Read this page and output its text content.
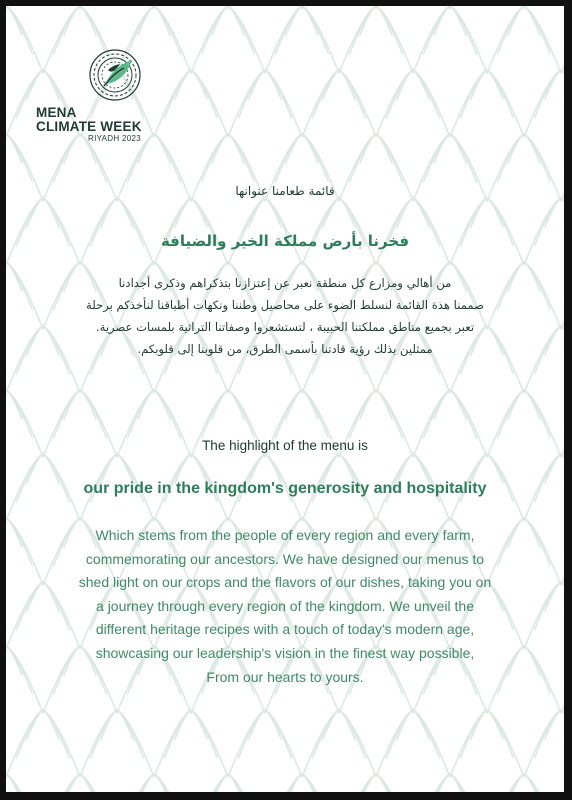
MENA
CLIMATE WEEK
RIYADH 2023
قائمة طعامنا عنوانها
فخرنا بأرض مملكة الخير والضيافة
من أهالي ومزارع كل منطقة نعبر عن إعتزازنا بتذكراهم وذكرى أجدادنا
صممنا هذة القائمة لنسلط الضوء على محاصيل وطننا ونكهات أطباقنا لنأخذكم برحلة
تعبر بجميع مناطق مملكتنا الحبيبة ، لتستشعروا وصفاتنا التراثية بلمسات عصرية.
ممثلين بذلك رؤية قادتنا بأسمى الطرق، من قلوبنا إلى قلوبكم.
The highlight of the menu is
our pride in the kingdom's generosity and hospitality
Which stems from the people of every region and every farm,
commemorating our ancestors. We have designed our menus to
shed light on our crops and the flavors of our dishes, taking you on
a journey through every region of the kingdom. We unveil the
different heritage recipes with a touch of today's modern age,
showcasing our leadership's vision in the finest way possible,
From our hearts to yours.
